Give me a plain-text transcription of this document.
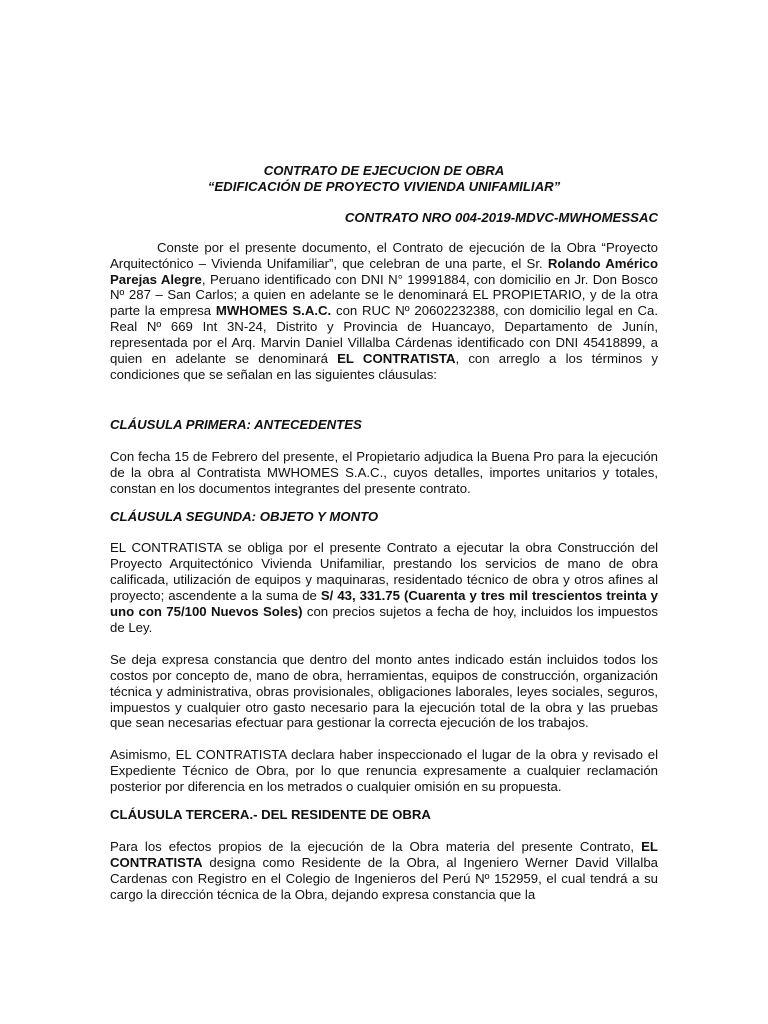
CONTRATO DE EJECUCION DE OBRA

“EDIFICACIÓN DE PROYECTO VIVIENDA UNIFAMILIAR”

CONTRATO NRO 004-2019-MDVC-MWHOMESSAC

Conste por el presente documento, el Contrato de ejecución de la Obra “Proyecto Arquitectónico – Vivienda Unifamiliar”, que celebran de una parte, el Sr. Rolando Américo Parejas Alegre, Peruano identificado con DNI N° 19991884, con domicilio en Jr. Don Bosco Nº 287 – San Carlos; a quien en adelante se le denominará EL PROPIETARIO, y de la otra parte la empresa MWHOMES S.A.C. con RUC Nº 20602232388, con domicilio legal en Ca. Real Nº 669 Int 3N-24, Distrito y Provincia de Huancayo, Departamento de Junín, representada por el Arq. Marvin Daniel Villalba Cárdenas identificado con DNI 45418899, a quien en adelante se denominará EL CONTRATISTA, con arreglo a los términos y condiciones que se señalan en las siguientes cláusulas:

CLÁUSULA PRIMERA: ANTECEDENTES

Con fecha 15 de Febrero del presente, el Propietario adjudica la Buena Pro para la ejecución de la obra al Contratista MWHOMES S.A.C., cuyos detalles, importes unitarios y totales, constan en los documentos integrantes del presente contrato.

CLÁUSULA SEGUNDA: OBJETO Y MONTO

EL CONTRATISTA se obliga por el presente Contrato a ejecutar la obra Construcción del Proyecto Arquitectónico Vivienda Unifamiliar, prestando los servicios de mano de obra calificada, utilización de equipos y maquinaras, residentado técnico de obra y otros afines al proyecto; ascendente a la suma de S/ 43, 331.75 (Cuarenta y tres mil trescientos treinta y uno con 75/100 Nuevos Soles) con precios sujetos a fecha de hoy, incluidos los impuestos de Ley.

Se deja expresa constancia que dentro del monto antes indicado están incluidos todos los costos por concepto de, mano de obra, herramientas, equipos de construcción, organización técnica y administrativa, obras provisionales, obligaciones laborales, leyes sociales, seguros, impuestos y cualquier otro gasto necesario para la ejecución total de la obra y las pruebas que sean necesarias efectuar para gestionar la correcta ejecución de los trabajos.

Asimismo, EL CONTRATISTA declara haber inspeccionado el lugar de la obra y revisado el Expediente Técnico de Obra, por lo que renuncia expresamente a cualquier reclamación posterior por diferencia en los metrados o cualquier omisión en su propuesta.

CLÁUSULA TERCERA.- DEL RESIDENTE DE OBRA

Para los efectos propios de la ejecución de la Obra materia del presente Contrato, EL CONTRATISTA designa como Residente de la Obra, al Ingeniero Werner David Villalba Cardenas con Registro en el Colegio de Ingenieros del Perú Nº 152959, el cual tendrá a su cargo la dirección técnica de la Obra, dejando expresa constancia que la
